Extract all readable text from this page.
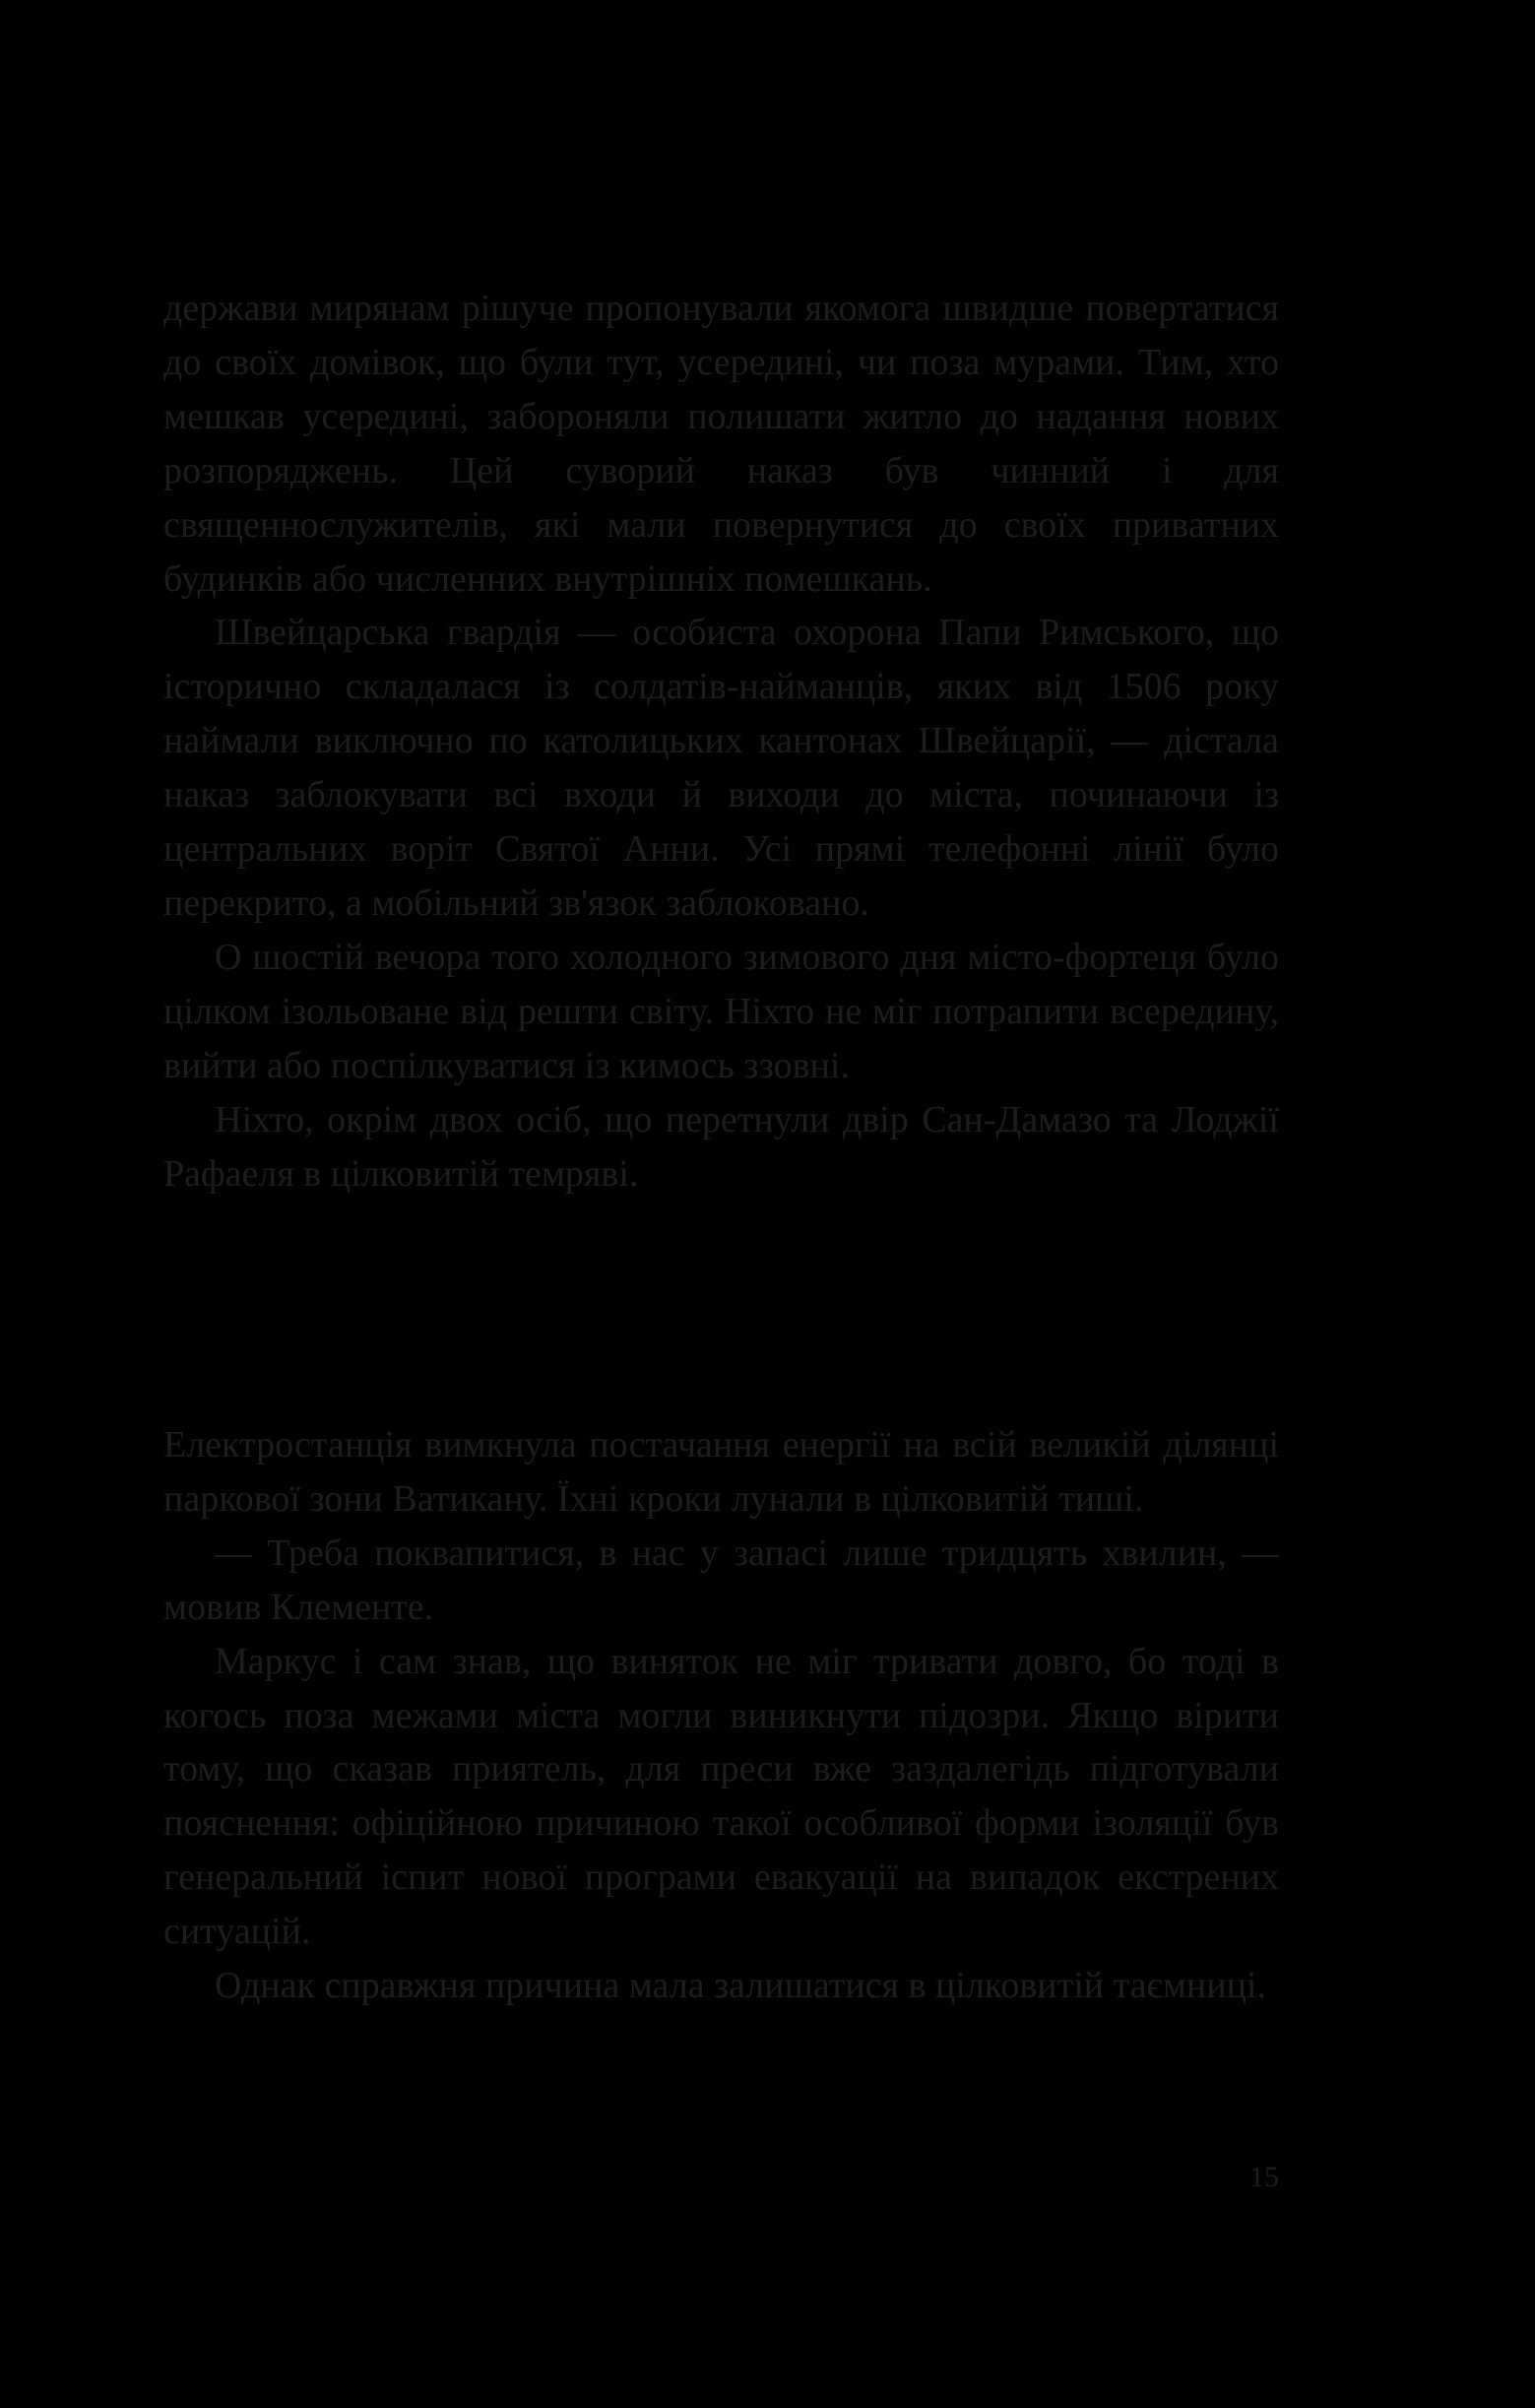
держави мирянам рішуче пропонували якомога швидше повертатися до своїх домівок, що були тут, усередині, чи поза мурами. Тим, хто мешкав усередині, забороняли полишати житло до надання нових розпоряджень. Цей суворий наказ був чинний і для священнослужителів, які мали повернутися до своїх приватних будинків або численних внутрішніх помешкань.

Швейцарська гвардія — особиста охорона Папи Римського, що історично складалася із солдатів-найманців, яких від 1506 року наймали виключно по католицьких кантонах Швейцарії, — дістала наказ заблокувати всі входи й виходи до міста, починаючи із центральних воріт Святої Анни. Усі прямі телефонні лінії було перекрито, а мобільний зв'язок заблоковано.

О шостій вечора того холодного зимового дня місто-фортеця було цілком ізольоване від решти світу. Ніхто не міг потрапити всередину, вийти або поспілкуватися із кимось ззовні.

Ніхто, окрім двох осіб, що перетнули двір Сан-Дамазо та Лоджії Рафаеля в цілковитій темряві.

Електростанція вимкнула постачання енергії на всій великій ділянці паркової зони Ватикану. Їхні кроки лунали в цілковитій тиші.

— Треба поквапитися, в нас у запасі лише тридцять хвилин, — мовив Клементе.

Маркус і сам знав, що виняток не міг тривати довго, бо тоді в когось поза межами міста могли виникнути підозри. Якщо вірити тому, що сказав приятель, для преси вже заздалегідь підготували пояснення: офіційною причиною такої особливої форми ізоляції був генеральний іспит нової програми евакуації на випадок екстрених ситуацій.

Однак справжня причина мала залишатися в цілковитій таємниці.

15
